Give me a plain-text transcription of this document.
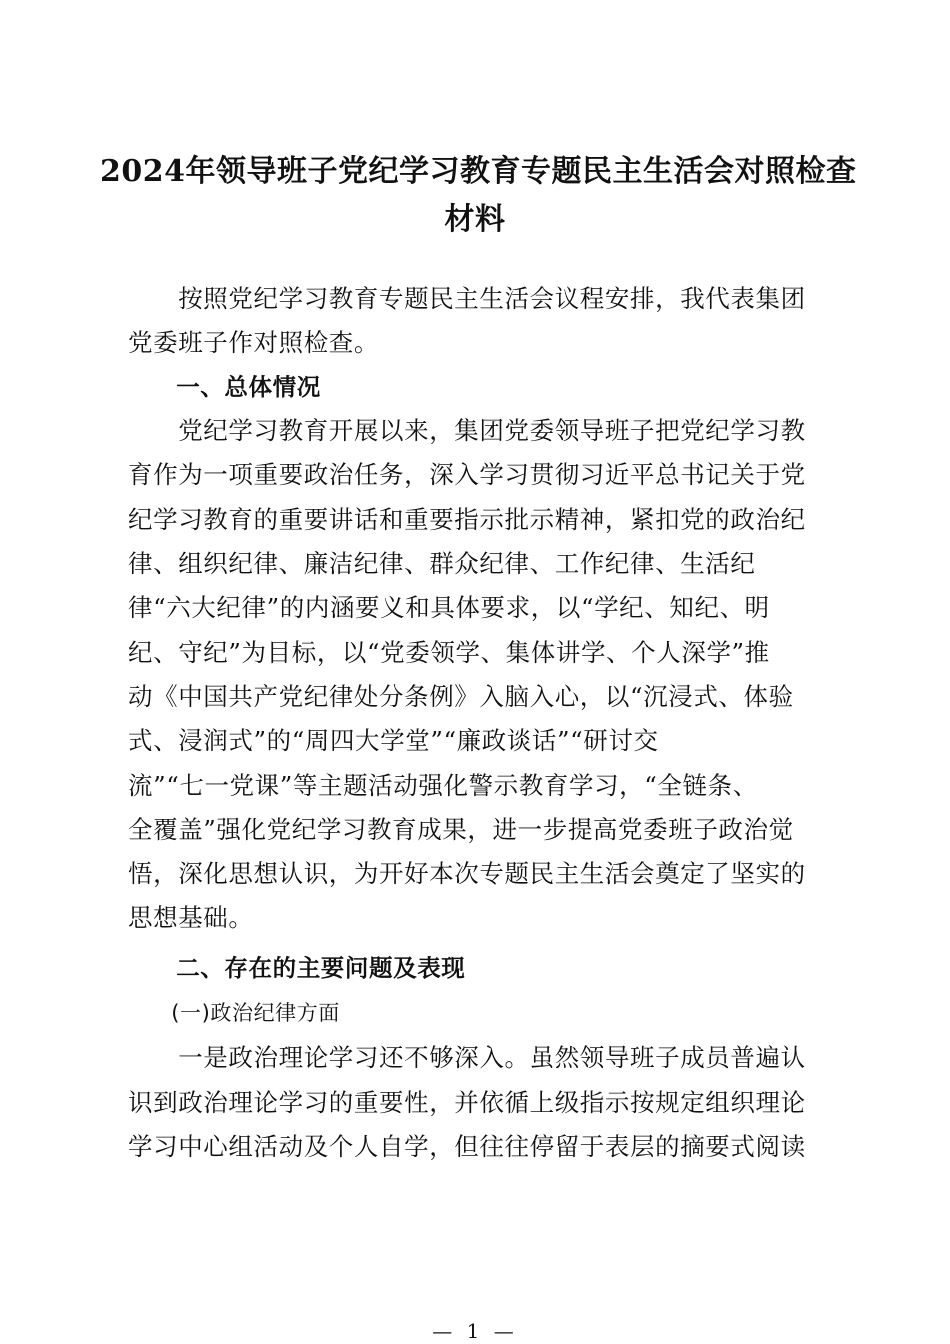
2024年领导班子党纪学习教育专题民主生活会对照检查
材料
　　按照党纪学习教育专题民主生活会议程安排，我代表集团
党委班子作对照检查。
　　一、总体情况
　　党纪学习教育开展以来，集团党委领导班子把党纪学习教
育作为一项重要政治任务，深入学习贯彻习近平总书记关于党
纪学习教育的重要讲话和重要指示批示精神，紧扣党的政治纪
律、组织纪律、廉洁纪律、群众纪律、工作纪律、生活纪
律“六大纪律”的内涵要义和具体要求，以“学纪、知纪、明
纪、守纪”为目标，以“党委领学、集体讲学、个人深学”推
动《中国共产党纪律处分条例》入脑入心，以“沉浸式、体验
式、浸润式”的“周四大学堂”“廉政谈话”“研讨交
流”“七一党课”等主题活动强化警示教育学习，“全链条、
全覆盖”强化党纪学习教育成果，进一步提高党委班子政治觉
悟，深化思想认识，为开好本次专题民主生活会奠定了坚实的
思想基础。
　　二、存在的主要问题及表现
　　(一)政治纪律方面
　　一是政治理论学习还不够深入。虽然领导班子成员普遍认
识到政治理论学习的重要性，并依循上级指示按规定组织理论
学习中心组活动及个人自学，但往往停留于表层的摘要式阅读
— 1 —
